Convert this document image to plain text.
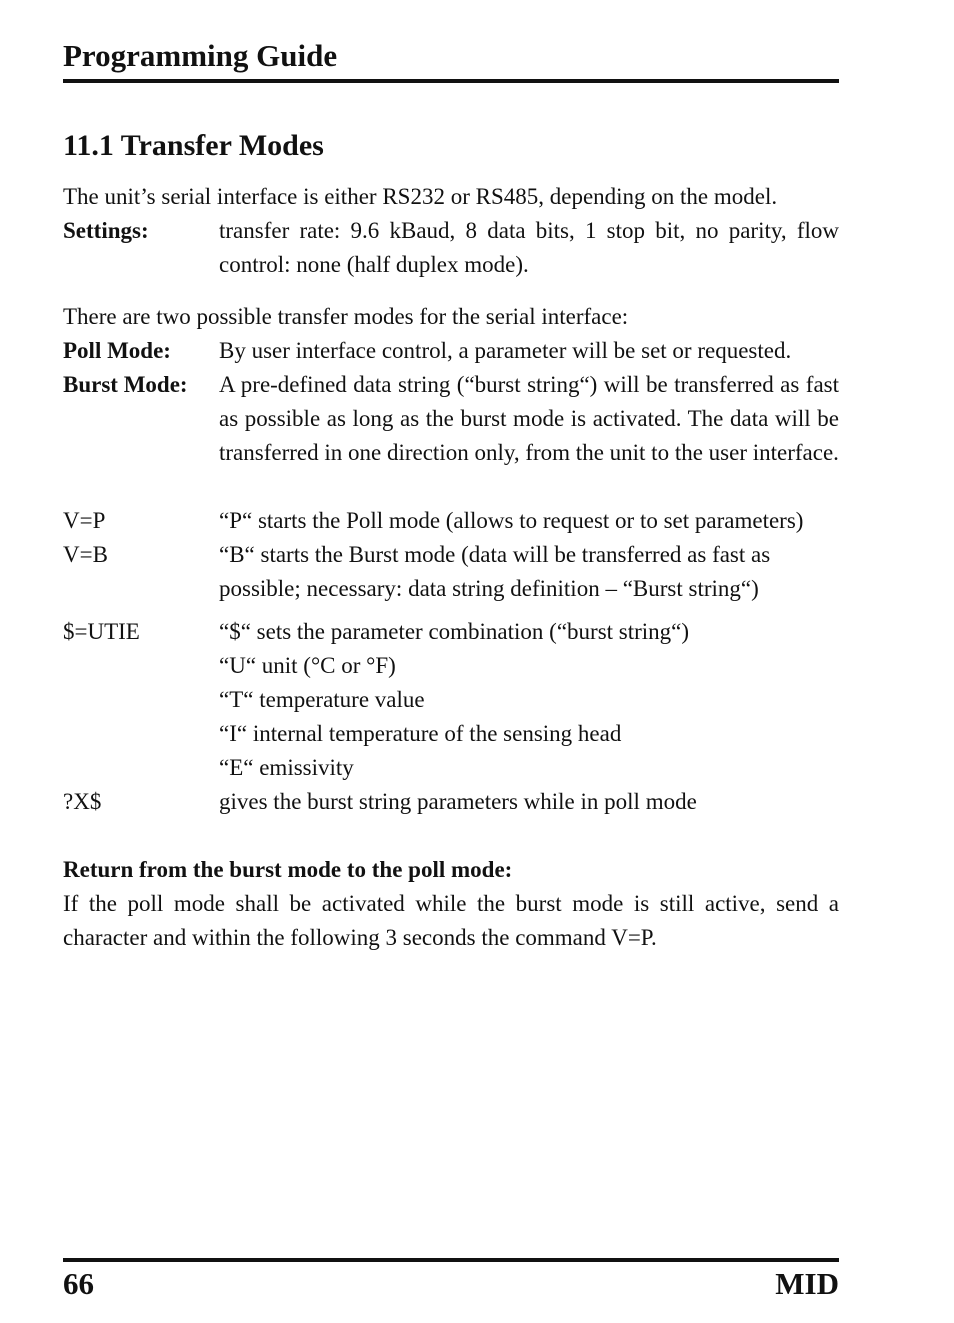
Programming Guide
11.1 Transfer Modes

The unit’s serial interface is either RS232 or RS485, depending on the model.

Settings:	transfer rate: 9.6 kBaud, 8 data bits, 1 stop bit, no parity, flow control: none (half duplex mode).

There are two possible transfer modes for the serial interface:

Poll Mode:	By user interface control, a parameter will be set or requested.
Burst Mode:	A pre-defined data string (“burst string“) will be transferred as fast as possible as long as the burst mode is activated. The data will be transferred in one direction only, from the unit to the user interface.
V=P	“P“ starts the Poll mode (allows to request or to set parameters)
V=B	“B“ starts the Burst mode (data will be transferred as fast as possible; necessary: data string definition – “Burst string“)
$=UTIE	“$“ sets the parameter combination (“burst string“)
“U“ unit (°C or °F)
“T“ temperature value
“I“ internal temperature of the sensing head
“E“ emissivity
?X$	gives the burst string parameters while in poll mode

Return from the burst mode to the poll mode:

If the poll mode shall be activated while the burst mode is still active, send a character and within the following 3 seconds the command V=P.

66	MID
